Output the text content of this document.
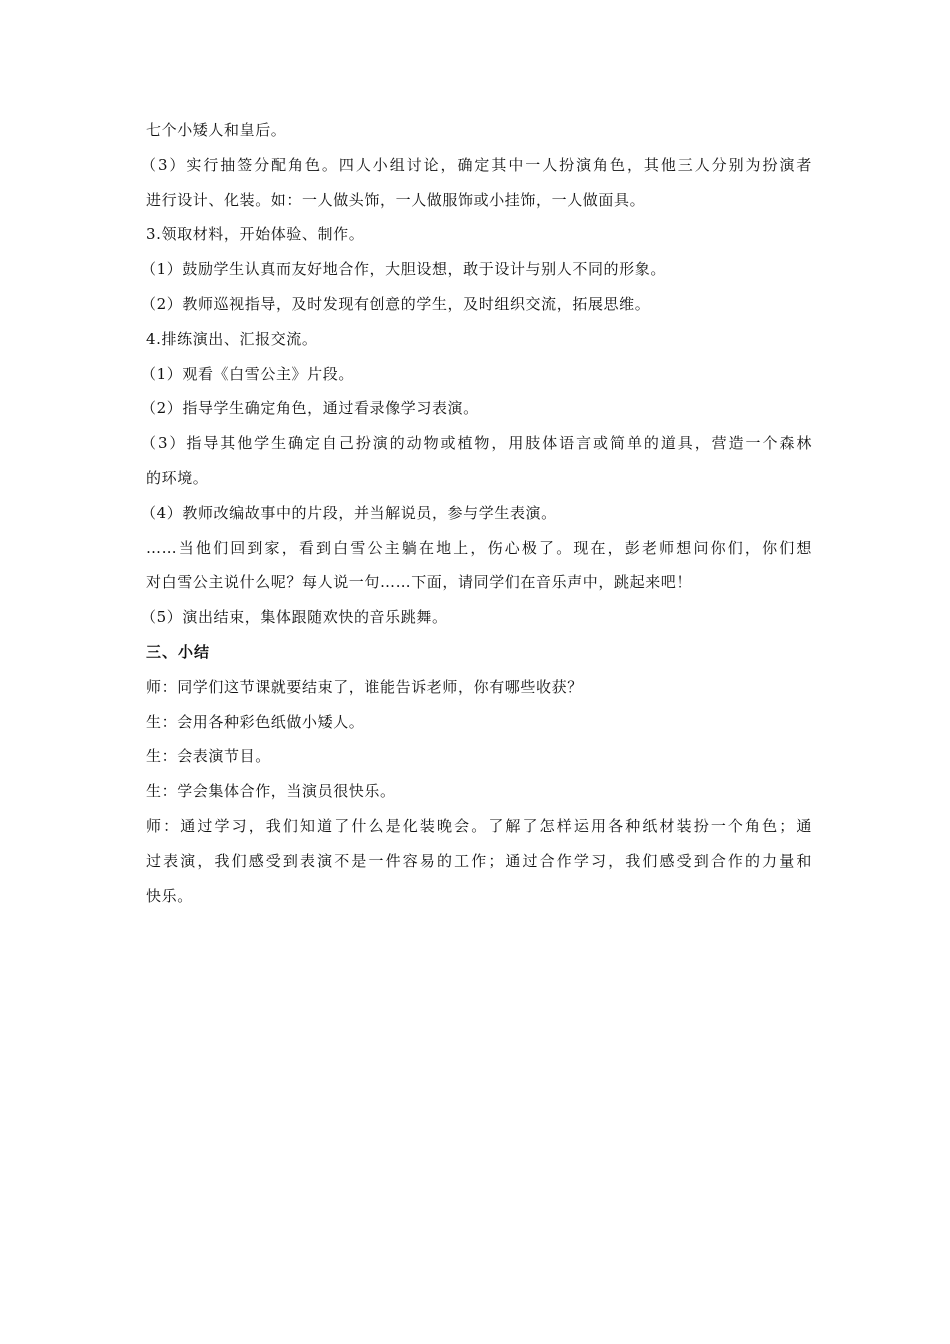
七个小矮人和皇后。
（3）实行抽签分配角色。四人小组讨论，确定其中一人扮演角色，其他三人分别为扮演者
进行设计、化装。如：一人做头饰，一人做服饰或小挂饰，一人做面具。
3.领取材料，开始体验、制作。
（1）鼓励学生认真而友好地合作，大胆设想，敢于设计与别人不同的形象。
（2）教师巡视指导，及时发现有创意的学生，及时组织交流，拓展思维。
4.排练演出、汇报交流。
（1）观看《白雪公主》片段。
（2）指导学生确定角色，通过看录像学习表演。
（3）指导其他学生确定自己扮演的动物或植物，用肢体语言或简单的道具，营造一个森林
的环境。
（4）教师改编故事中的片段，并当解说员，参与学生表演。
……当他们回到家，看到白雪公主躺在地上，伤心极了。现在，彭老师想问你们，你们想
对白雪公主说什么呢？每人说一句……下面，请同学们在音乐声中，跳起来吧！
（5）演出结束，集体跟随欢快的音乐跳舞。
三、小结
师：同学们这节课就要结束了，谁能告诉老师，你有哪些收获？
生：会用各种彩色纸做小矮人。
生：会表演节目。
生：学会集体合作，当演员很快乐。
师：通过学习，我们知道了什么是化装晚会。了解了怎样运用各种纸材装扮一个角色；通
过表演，我们感受到表演不是一件容易的工作；通过合作学习，我们感受到合作的力量和
快乐。
